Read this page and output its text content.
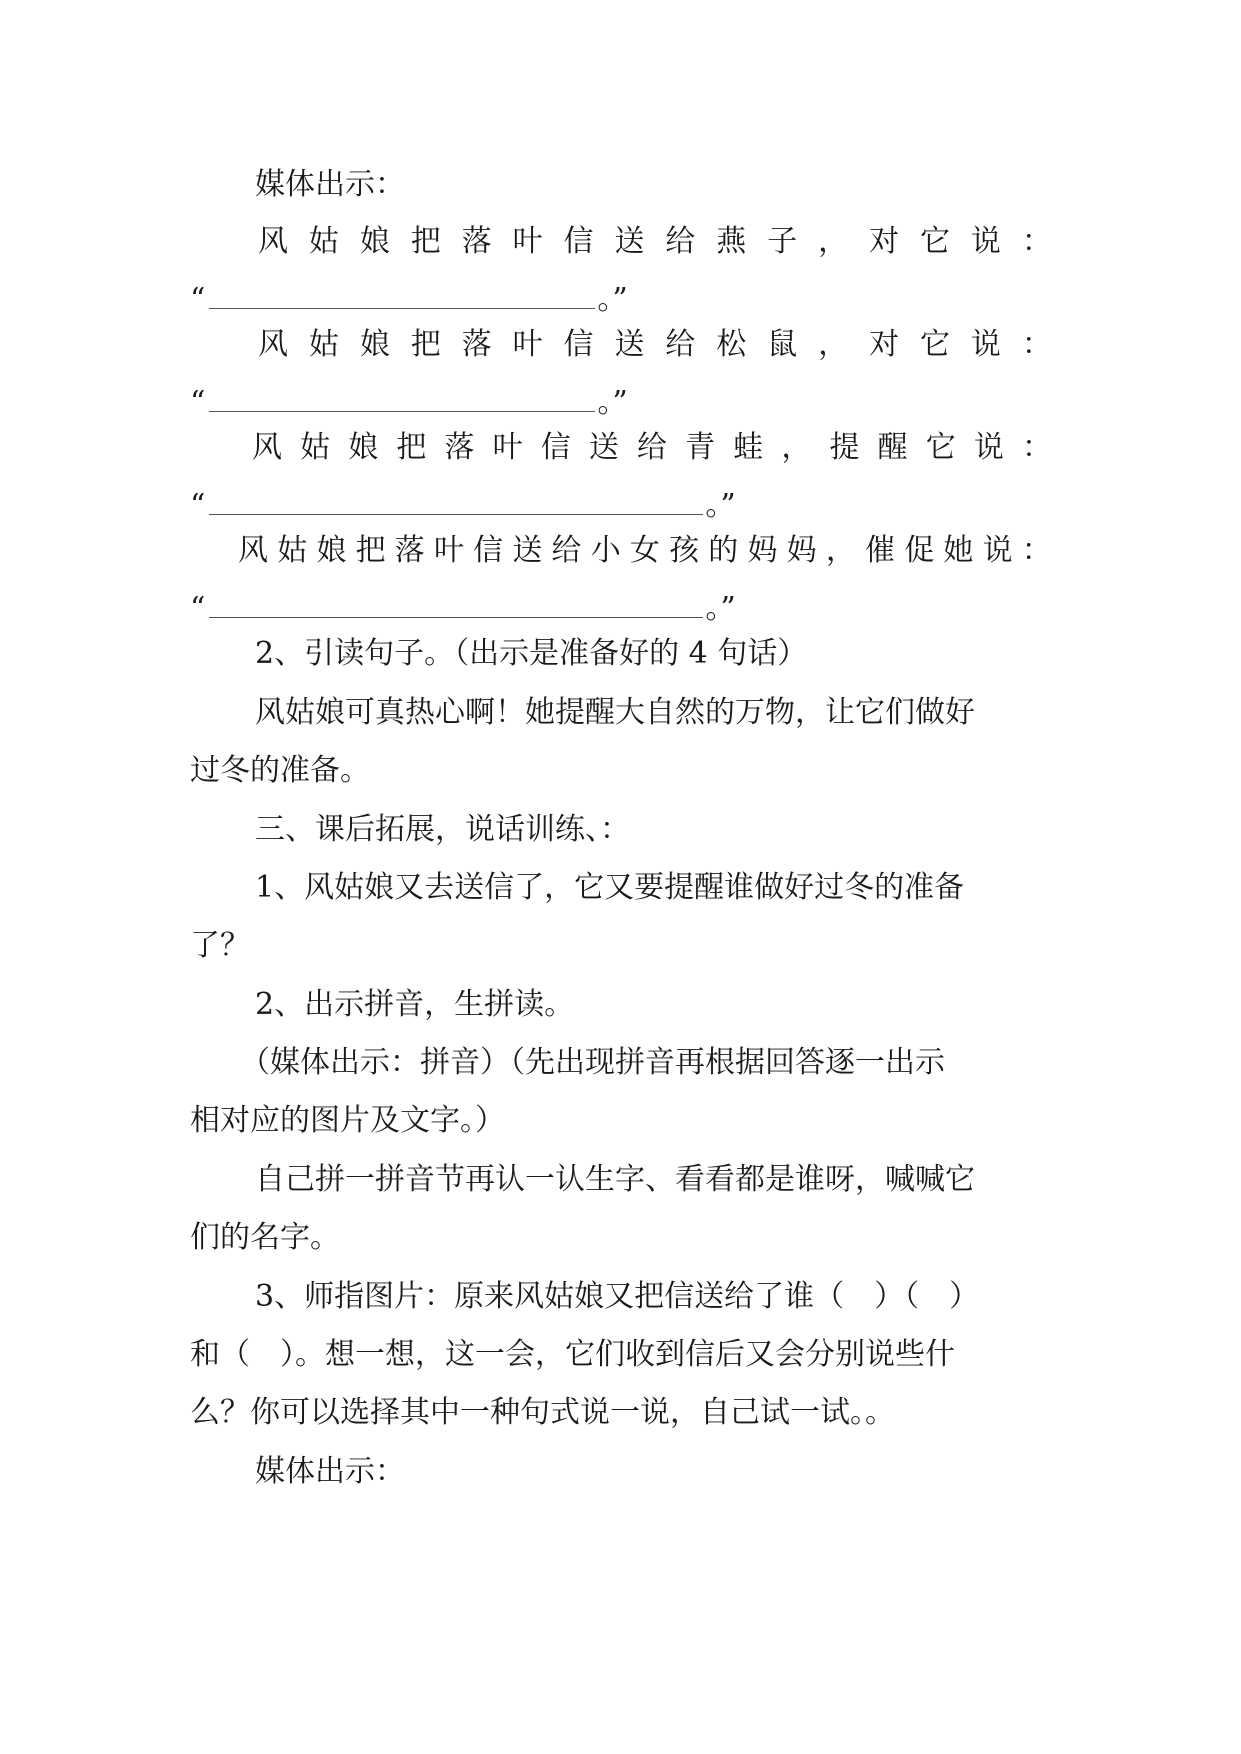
媒体出示：
风 姑 娘 把 落 叶 信 送 给 燕 子 ， 对 它 说 ：
“	。”
风 姑 娘 把 落 叶 信 送 给 松 鼠 ， 对 它 说 ：
“	。”
风 姑 娘 把 落 叶 信 送 给 青 蛙 ， 提 醒 它 说 ：
“	。”
风 姑 娘 把 落 叶 信 送 给 小 女 孩 的 妈 妈 ， 催 促 她 说 ：
“	。”
2、引读句子。（出示是准备好的 4 句话）
风姑娘可真热心啊！她提醒大自然的万物，让它们做好
过冬的准备。
三、课后拓展，说话训练、：
1、风姑娘又去送信了，它又要提醒谁做好过冬的准备
了？
2、出示拼音，生拼读。
（媒体出示：拼音）（先出现拼音再根据回答逐一出示
相对应的图片及文字。）
自己拼一拼音节再认一认生字、看看都是谁呀，喊喊它
们的名字。
3、师指图片：原来风姑娘又把信送给了谁（　）（　）
和（　）。想一想，这一会，它们收到信后又会分别说些什
么？你可以选择其中一种句式说一说，自己试一试。。
媒体出示：
